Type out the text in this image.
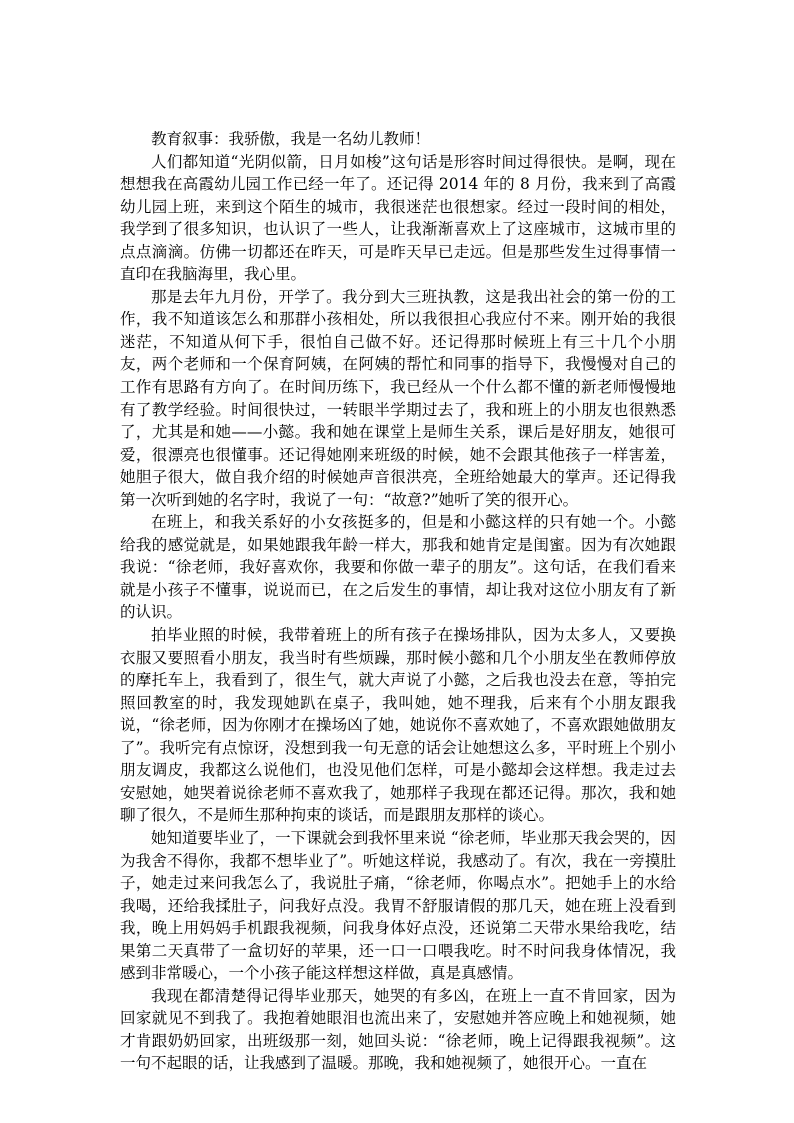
教育叙事：我骄傲，我是一名幼儿教师！

人们都知道“光阴似箭，日月如梭”这句话是形容时间过得很快。是啊，现在想想我在高霞幼儿园工作已经一年了。还记得 2014 年的 8 月份，我来到了高霞幼儿园上班，来到这个陌生的城市，我很迷茫也很想家。经过一段时间的相处，我学到了很多知识，也认识了一些人，让我渐渐喜欢上了这座城市，这城市里的点点滴滴。仿佛一切都还在昨天，可是昨天早已走远。但是那些发生过得事情一直印在我脑海里，我心里。

那是去年九月份，开学了。我分到大三班执教，这是我出社会的第一份的工作，我不知道该怎么和那群小孩相处，所以我很担心我应付不来。刚开始的我很迷茫，不知道从何下手，很怕自己做不好。还记得那时候班上有三十几个小朋友，两个老师和一个保育阿姨，在阿姨的帮忙和同事的指导下，我慢慢对自己的工作有思路有方向了。在时间历练下，我已经从一个什么都不懂的新老师慢慢地有了教学经验。时间很快过，一转眼半学期过去了，我和班上的小朋友也很熟悉了，尤其是和她——小懿。我和她在课堂上是师生关系，课后是好朋友，她很可爱，很漂亮也很懂事。还记得她刚来班级的时候，她不会跟其他孩子一样害羞，她胆子很大，做自我介绍的时候她声音很洪亮，全班给她最大的掌声。还记得我第一次听到她的名字时，我说了一句：“故意?”她听了笑的很开心。

在班上，和我关系好的小女孩挺多的，但是和小懿这样的只有她一个。小懿给我的感觉就是，如果她跟我年龄一样大，那我和她肯定是闺蜜。因为有次她跟我说：“徐老师，我好喜欢你，我要和你做一辈子的朋友”。这句话，在我们看来就是小孩子不懂事，说说而已，在之后发生的事情，却让我对这位小朋友有了新的认识。

拍毕业照的时候，我带着班上的所有孩子在操场排队，因为太多人，又要换衣服又要照看小朋友，我当时有些烦躁，那时候小懿和几个小朋友坐在教师停放的摩托车上，我看到了，很生气，就大声说了小懿，之后我也没去在意，等拍完照回教室的时，我发现她趴在桌子，我叫她，她不理我，后来有个小朋友跟我说，“徐老师，因为你刚才在操场凶了她，她说你不喜欢她了，不喜欢跟她做朋友了”。我听完有点惊讶，没想到我一句无意的话会让她想这么多，平时班上个别小朋友调皮，我都这么说他们，也没见他们怎样，可是小懿却会这样想。我走过去安慰她，她哭着说徐老师不喜欢我了，她那样子我现在都还记得。那次，我和她聊了很久，不是师生那种拘束的谈话，而是跟朋友那样的谈心。

她知道要毕业了，一下课就会到我怀里来说 “徐老师，毕业那天我会哭的，因为我舍不得你，我都不想毕业了”。听她这样说，我感动了。有次，我在一旁摸肚子，她走过来问我怎么了，我说肚子痛，“徐老师，你喝点水”。把她手上的水给我喝，还给我揉肚子，问我好点没。我胃不舒服请假的那几天，她在班上没看到我，晚上用妈妈手机跟我视频，问我身体好点没，还说第二天带水果给我吃，结果第二天真带了一盒切好的苹果，还一口一口喂我吃。时不时问我身体情况，我感到非常暖心，一个小孩子能这样想这样做，真是真感情。

我现在都清楚得记得毕业那天，她哭的有多凶，在班上一直不肯回家，因为回家就见不到我了。我抱着她眼泪也流出来了，安慰她并答应晚上和她视频，她才肯跟奶奶回家，出班级那一刻，她回头说：“徐老师，晚上记得跟我视频”。这一句不起眼的话，让我感到了温暖。那晚，我和她视频了，她很开心。一直在
